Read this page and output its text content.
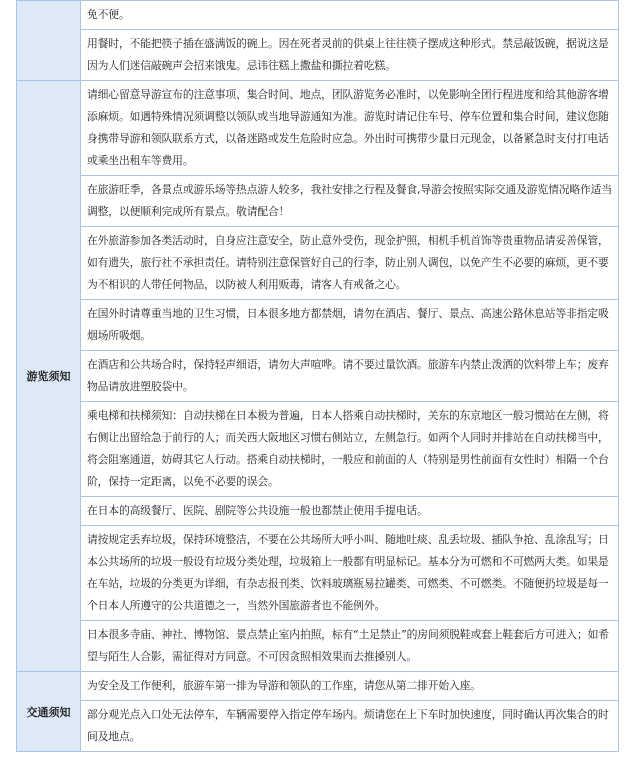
	免不便。
	用餐时，不能把筷子插在盛满饭的碗上。因在死者灵前的供桌上往往筷子摆成这种形式。禁忌敲饭碗，据说这是因为人们迷信敲碗声会招来饿鬼。忌讳往糕上撒盐和撕拉着吃糕。
游览须知	请细心留意导游宣布的注意事项、集合时间、地点，团队游览务必准时，以免影响全团行程进度和给其他游客增添麻烦。如遇特殊情况须调整以领队或当地导游通知为准。游览时请记住车号、停车位置和集合时间，建议您随身携带导游和领队联系方式，以备迷路或发生危险时应急。外出时可携带少量日元现金，以备紧急时支付打电话或乘坐出租车等费用。
	在旅游旺季，各景点或游乐场等热点游人较多，我社安排之行程及餐食,导游会按照实际交通及游览情况略作适当调整，以便顺利完成所有景点。敬请配合！
	在外旅游参加各类活动时，自身应注意安全，防止意外受伤，现金护照，相机手机首饰等贵重物品请妥善保管，如有遗失，旅行社不承担责任。请特别注意保管好自己的行李，防止别人调包，以免产生不必要的麻烦，更不要为不相识的人带任何物品，以防被人利用贩毒，请客人有戒备之心。
	在国外时请尊重当地的卫生习惯，日本很多地方都禁烟，请勿在酒店、餐厅、景点、高速公路休息站等非指定吸烟场所吸烟。
	在酒店和公共场合时，保持轻声细语，请勿大声喧哗。请不要过量饮酒。旅游车内禁止泼洒的饮料带上车；废弃物品请放进塑胶袋中。
	乘电梯和扶梯须知：自动扶梯在日本极为普遍，日本人搭乘自动扶梯时，关东的东京地区一般习惯站在左侧，将右侧让出留给急于前行的人；而关西大阪地区习惯右侧站立，左侧急行。如两个人同时并排站在自动扶梯当中，将会阻塞通道，妨碍其它人行动。搭乘自动扶梯时，一般应和前面的人（特别是男性前面有女性时）相隔一个台阶，保持一定距离，以免不必要的误会。
	在日本的高级餐厅、医院、剧院等公共设施一般也都禁止使用手提电话。
	请按规定丢弃垃圾，保持环境整洁，不要在公共场所大呼小叫、随地吐痰、乱丢垃圾、插队争抢、乱涂乱写；日本公共场所的垃圾一般设有垃圾分类处理，垃圾箱上一般都有明显标记。基本分为可燃和不可燃两大类。如果是在车站，垃圾的分类更为详细，有杂志报刊类、饮料玻璃瓶易拉罐类、可燃类、不可燃类。不随便扔垃圾是每一个日本人所遵守的公共道德之一，当然外国旅游者也不能例外。
	日本很多寺庙、神社、博物馆、景点禁止室内拍照，标有“土足禁止”的房间须脱鞋或套上鞋套后方可进入；如希望与陌生人合影，需征得对方同意。不可因贪照相效果而去推搡别人。
交通须知	为安全及工作便利，旅游车第一排为导游和领队的工作座，请您从第二排开始入座。
	部分观光点入口处无法停车，车辆需要停入指定停车场内。烦请您在上下车时加快速度，同时确认再次集合的时间及地点。
